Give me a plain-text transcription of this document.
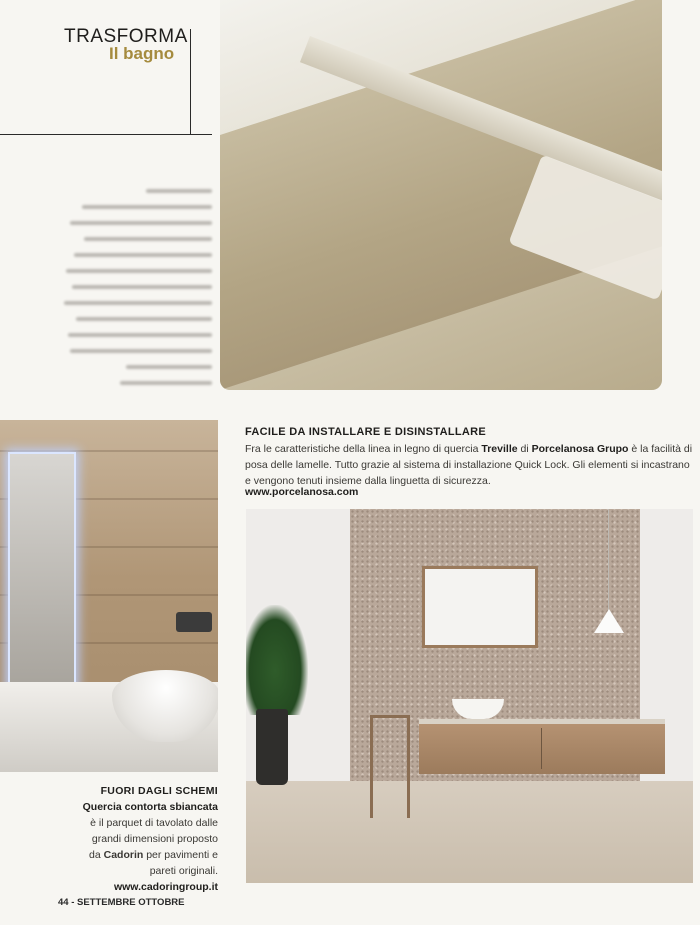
TRASFORMA
Il bagno
FACILE DA INSTALLARE E DISINSTALLARE
Fra le caratteristiche della linea in legno di quercia Treville di Porcelanosa Grupo è la facilità di posa delle lamelle. Tutto grazie al sistema di installazione Quick Lock. Gli elementi si incastrano e vengono tenuti insieme dalla linguetta di sicurezza.
www.porcelanosa.com
FUORI DAGLI SCHEMI
Quercia contorta sbiancata
è il parquet di tavolato dalle grandi dimensioni proposto da Cadorin per pavimenti e pareti originali.
www.cadoringroup.it
44 - SETTEMBRE OTTOBRE
